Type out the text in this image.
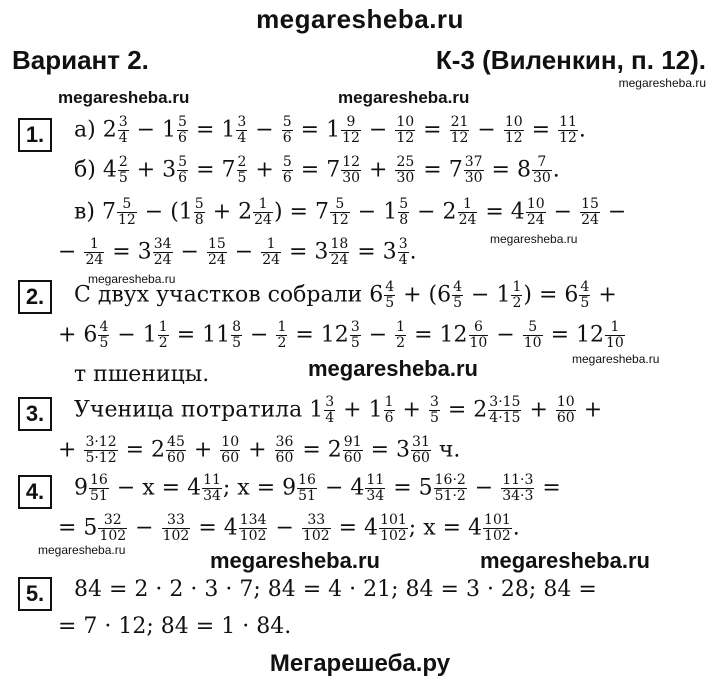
megaresheba.ru
Вариант 2.	К-3 (Виленкин, п. 12).
megaresheba.ru
megaresheba.ru	megaresheba.ru
megaresheba.ru
megaresheba.ru
megaresheba.ru
megaresheba.ru
megaresheba.ru	megaresheba.ru	megaresheba.ru
1.	а) $2 \frac{3}{4} - 1 \frac{5}{6} = 1 \frac{3}{4} - \frac{5}{6} = 1 \frac{9}{12} - \frac{10}{12} = \frac{21}{12} - \frac{10}{12} = \frac{11}{12}$ .
б) $4 \frac{2}{5} + 3 \frac{5}{6} = 7 \frac{2}{5} + \frac{5}{6} = 7 \frac{12}{30} + \frac{25}{30} = 7 \frac{37}{30} = 8 \frac{7}{30}$ .
в) $7 \frac{5}{12} - (1 \frac{5}{8} + 2 \frac{1}{24}$ ) = $7 \frac{5}{12} - 1 \frac{5}{8} - 2 \frac{1}{24} = 4 \frac{10}{24} - \frac{15}{24}$ −
− $\frac{1}{24} = 3 \frac{34}{24} - \frac{15}{24} - \frac{1}{24} = 3 \frac{18}{24} = 3 \frac{3}{4}$ .
2.	С двух участков собрали $6 \frac{4}{5} + (6 \frac{4}{5} - 1 \frac{1}{2}$ ) = $6 \frac{4}{5}$ +
+ $6 \frac{4}{5} - 1 \frac{1}{2} = 11 \frac{8}{5} - \frac{1}{2} = 12 \frac{3}{5} - \frac{1}{2} = 12 \frac{6}{10} - \frac{5}{10} = 12 \frac{1}{10}$
т пшеницы.
3.	Ученица потратила $1 \frac{3}{4} + 1 \frac{1}{6} + \frac{3}{5} = 2 \frac{3\cdot 15}{4\cdot 15} + \frac{10}{60}$ +
+ $\frac{3\cdot 12}{5\cdot 12} = 2 \frac{45}{60} + \frac{10}{60} + \frac{36}{60} = 2 \frac{91}{60} = 3 \frac{31}{60} ч$.
4.	$9 \frac{16}{51} - x = 4 \frac{11}{34}$ ; $x = 9 \frac{16}{51} - 4 \frac{11}{34} = 5 \frac{16\cdot 2}{51\cdot 2} - \frac{11\cdot 3}{34\cdot 3}$ =
= $5 \frac{32}{102} - \frac{33}{102} = 4 \frac{134}{102} - \frac{33}{102} = 4 \frac{101}{102}$ ; $x = 4 \frac{101}{102}$ .
5.	84 = 2 · 2 · 3 · 7; 84 = 4 · 21; 84 = 3 · 28; 84 =
= 7 · 12; 84 = 1 · 84.
Мегарешеба.ру
